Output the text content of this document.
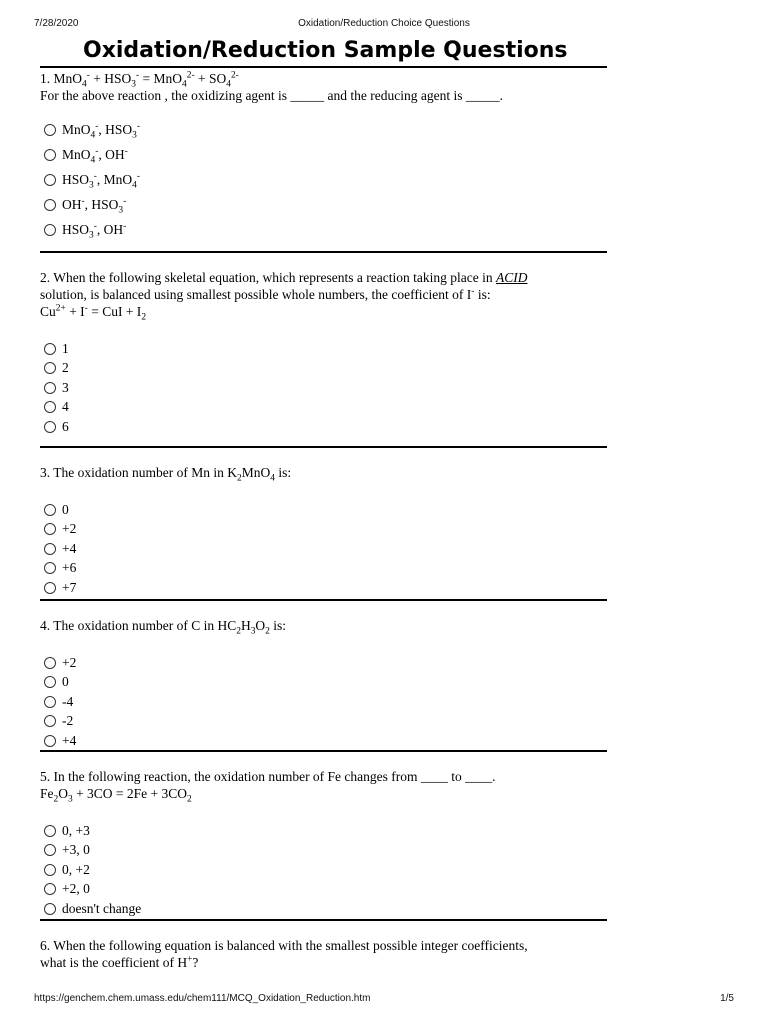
7/28/2020	Oxidation/Reduction Choice Questions
Oxidation/Reduction Sample Questions
1. $MnO_4^- + HSO_3^- = MnO_4^{2-} + SO_4^{2-}$
For the above reaction , the oxidizing agent is _____ and the reducing agent is _____.
MnO$_4$-, $HSO_3^-$
MnO$_4$-, OH-
$HSO_3^-$, MnO$_4$-
OH-, $HSO_3^-$
$HSO_3^-$, OH-
2. When the following skeletal equation, which represents a reaction taking place in ACID
solution, is balanced using smallest possible whole numbers, the coefficient of I- is:
$Cu^{2+} + I^-$ = CuI + $I_2$
1
2
3
4
6
3. The oxidation number of Mn in $K_2MnO_4$ is:
0
+2
+4
+6
+7
4. The oxidation number of C in $HC_2H_3O_2$ is:
+2
0
-4
-2
+4
5. In the following reaction, the oxidation number of Fe changes from ____ to ____.
$Fe_2O_3 + 3CO = 2Fe + 3CO_2$
0, +3
+3, 0
0, +2
+2, 0
doesn't change
6. When the following equation is balanced with the smallest possible integer coefficients,
what is the coefficient of H+?
https://genchem.chem.umass.edu/chem111/MCQ_Oxidation_Reduction.htm	1/5
